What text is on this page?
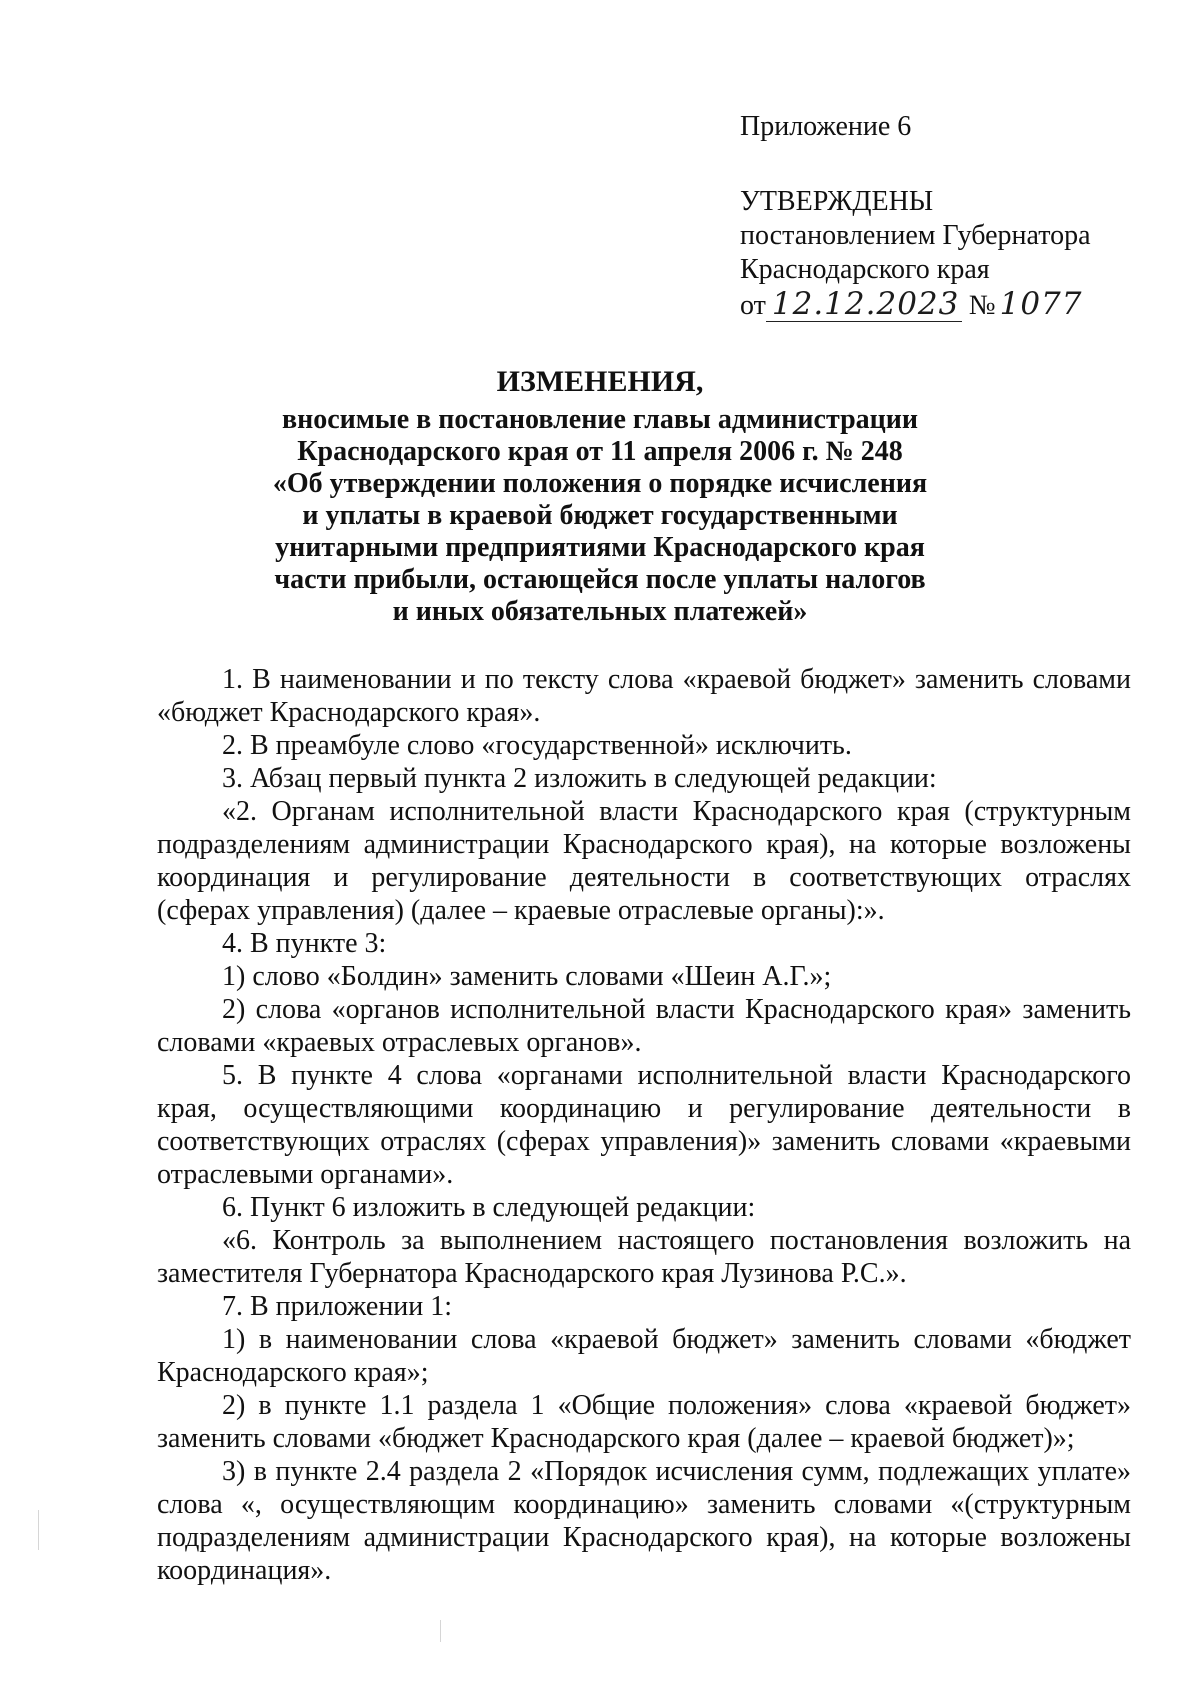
Приложение 6
УТВЕРЖДЕНЫ
постановлением Губернатора
Краснодарского края
от 12.12.2023 № 1077
ИЗМЕНЕНИЯ,
вносимые в постановление главы администрации
Краснодарского края от 11 апреля 2006 г. № 248
«Об утверждении положения о порядке исчисления
и уплаты в краевой бюджет государственными
унитарными предприятиями Краснодарского края
части прибыли, остающейся после уплаты налогов
и иных обязательных платежей»

1. В наименовании и по тексту слова «краевой бюджет» заменить словами «бюджет Краснодарского края».

2. В преамбуле слово «государственной» исключить.

3. Абзац первый пункта 2 изложить в следующей редакции:

«2. Органам исполнительной власти Краснодарского края (структурным подразделениям администрации Краснодарского края), на которые возложены координация и регулирование деятельности в соответствующих отраслях (сферах управления) (далее – краевые отраслевые органы):».

4. В пункте 3:

1) слово «Болдин» заменить словами «Шеин А.Г.»;

2) слова «органов исполнительной власти Краснодарского края» заменить словами «краевых отраслевых органов».

5. В пункте 4 слова «органами исполнительной власти Краснодарского края, осуществляющими координацию и регулирование деятельности в соответствующих отраслях (сферах управления)» заменить словами «краевыми отраслевыми органами».

6. Пункт 6 изложить в следующей редакции:

«6. Контроль за выполнением настоящего постановления возложить на заместителя Губернатора Краснодарского края Лузинова Р.С.».

7. В приложении 1:

1) в наименовании слова «краевой бюджет» заменить словами «бюджет Краснодарского края»;

2) в пункте 1.1 раздела 1 «Общие положения» слова «краевой бюджет» заменить словами «бюджет Краснодарского края (далее – краевой бюджет)»;

3) в пункте 2.4 раздела 2 «Порядок исчисления сумм, подлежащих уплате» слова «, осуществляющим координацию» заменить словами «(структурным подразделениям администрации Краснодарского края), на которые возложены координация».
